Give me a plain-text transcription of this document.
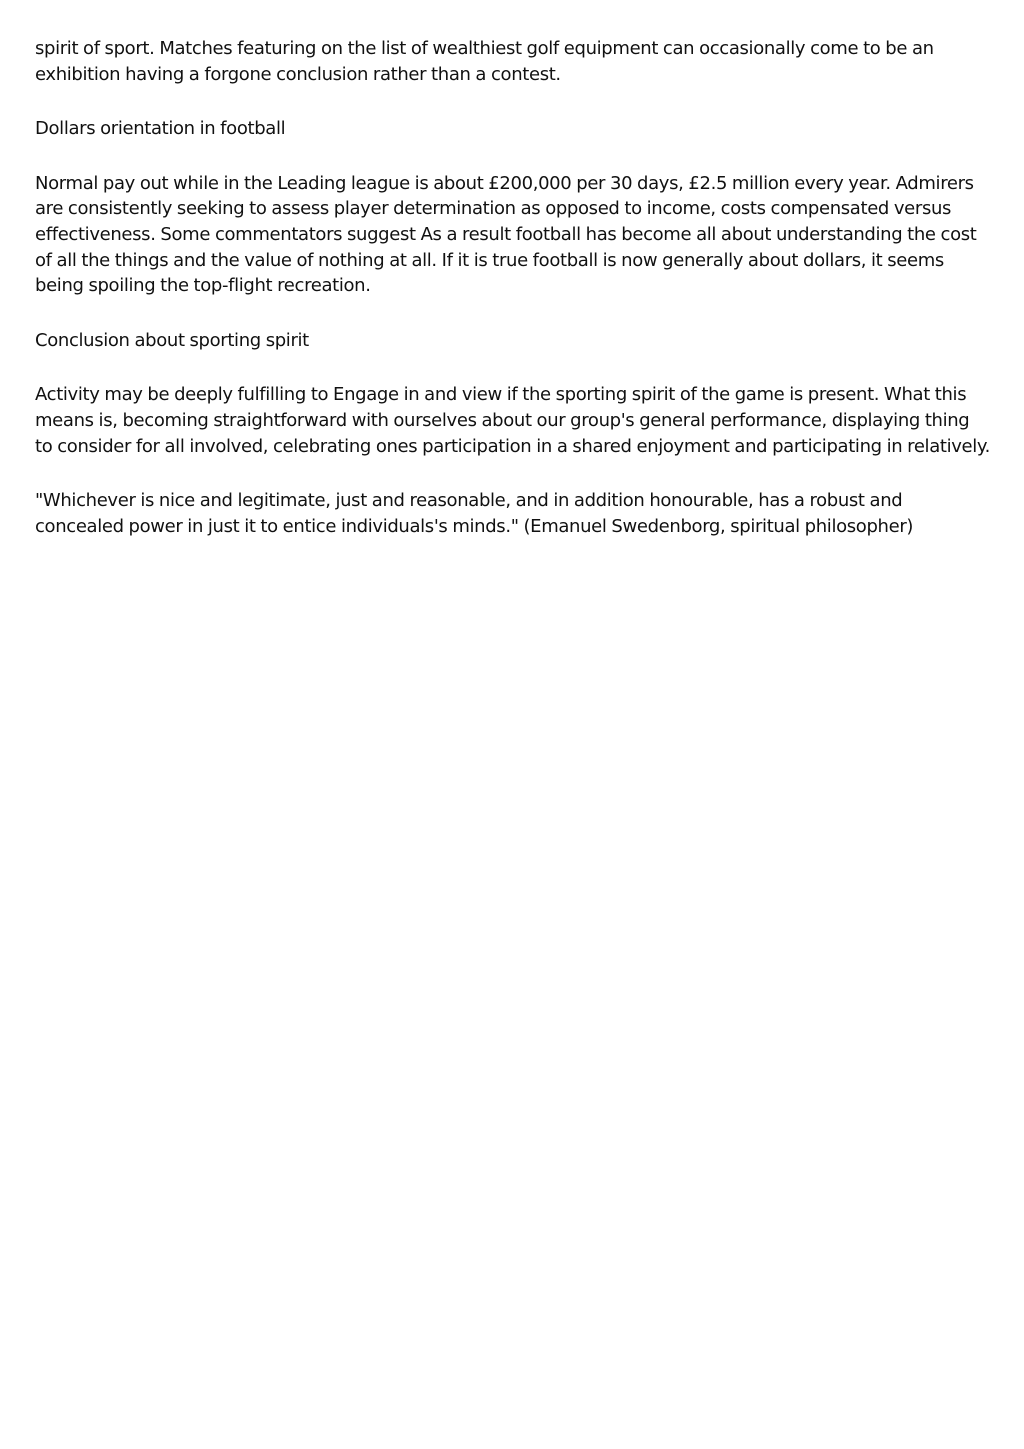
spirit of sport. Matches featuring on the list of wealthiest golf equipment can occasionally come to be an exhibition having a forgone conclusion rather than a contest.

Dollars orientation in football

Normal pay out while in the Leading league is about £200,000 per 30 days, £2.5 million every year. Admirers are consistently seeking to assess player determination as opposed to income, costs compensated versus effectiveness. Some commentators suggest As a result football has become all about understanding the cost of all the things and the value of nothing at all. If it is true football is now generally about dollars, it seems being spoiling the top-flight recreation.

Conclusion about sporting spirit

Activity may be deeply fulfilling to Engage in and view if the sporting spirit of the game is present. What this means is, becoming straightforward with ourselves about our group's general performance, displaying thing to consider for all involved, celebrating ones participation in a shared enjoyment and participating in relatively.

"Whichever is nice and legitimate, just and reasonable, and in addition honourable, has a robust and concealed power in just it to entice individuals's minds." (Emanuel Swedenborg, spiritual philosopher)
